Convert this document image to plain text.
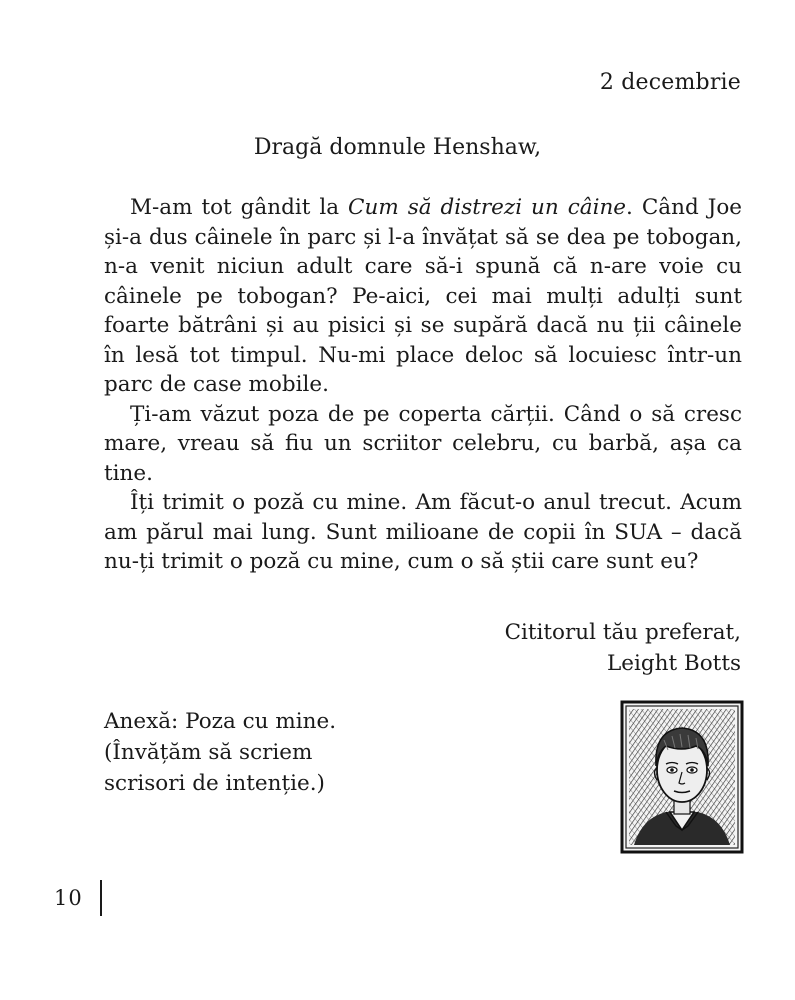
2 decembrie
Dragă domnule Henshaw,

M-am tot gândit la Cum să distrezi un câine. Când Joe și-a dus câinele în parc și l-a învățat să se dea pe tobogan, n-a venit niciun adult care să-i spună că n-are voie cu câinele pe tobogan? Pe-aici, cei mai mulți adulți sunt foarte bătrâni și au pisici și se supără dacă nu ții câinele în lesă tot timpul. Nu-mi place deloc să locuiesc într-un parc de case mobile.

Ți-am văzut poza de pe coperta cărții. Când o să cresc mare, vreau să fiu un scriitor celebru, cu barbă, așa ca tine.

Îți trimit o poză cu mine. Am făcut-o anul trecut. Acum am părul mai lung. Sunt milioane de copii în SUA – dacă nu-ți trimit o poză cu mine, cum o să știi care sunt eu?

Cititorul tău preferat,
Leight Botts
Anexă: Poza cu mine.
(Învățăm să scriem
scrisori de intenție.)
10
